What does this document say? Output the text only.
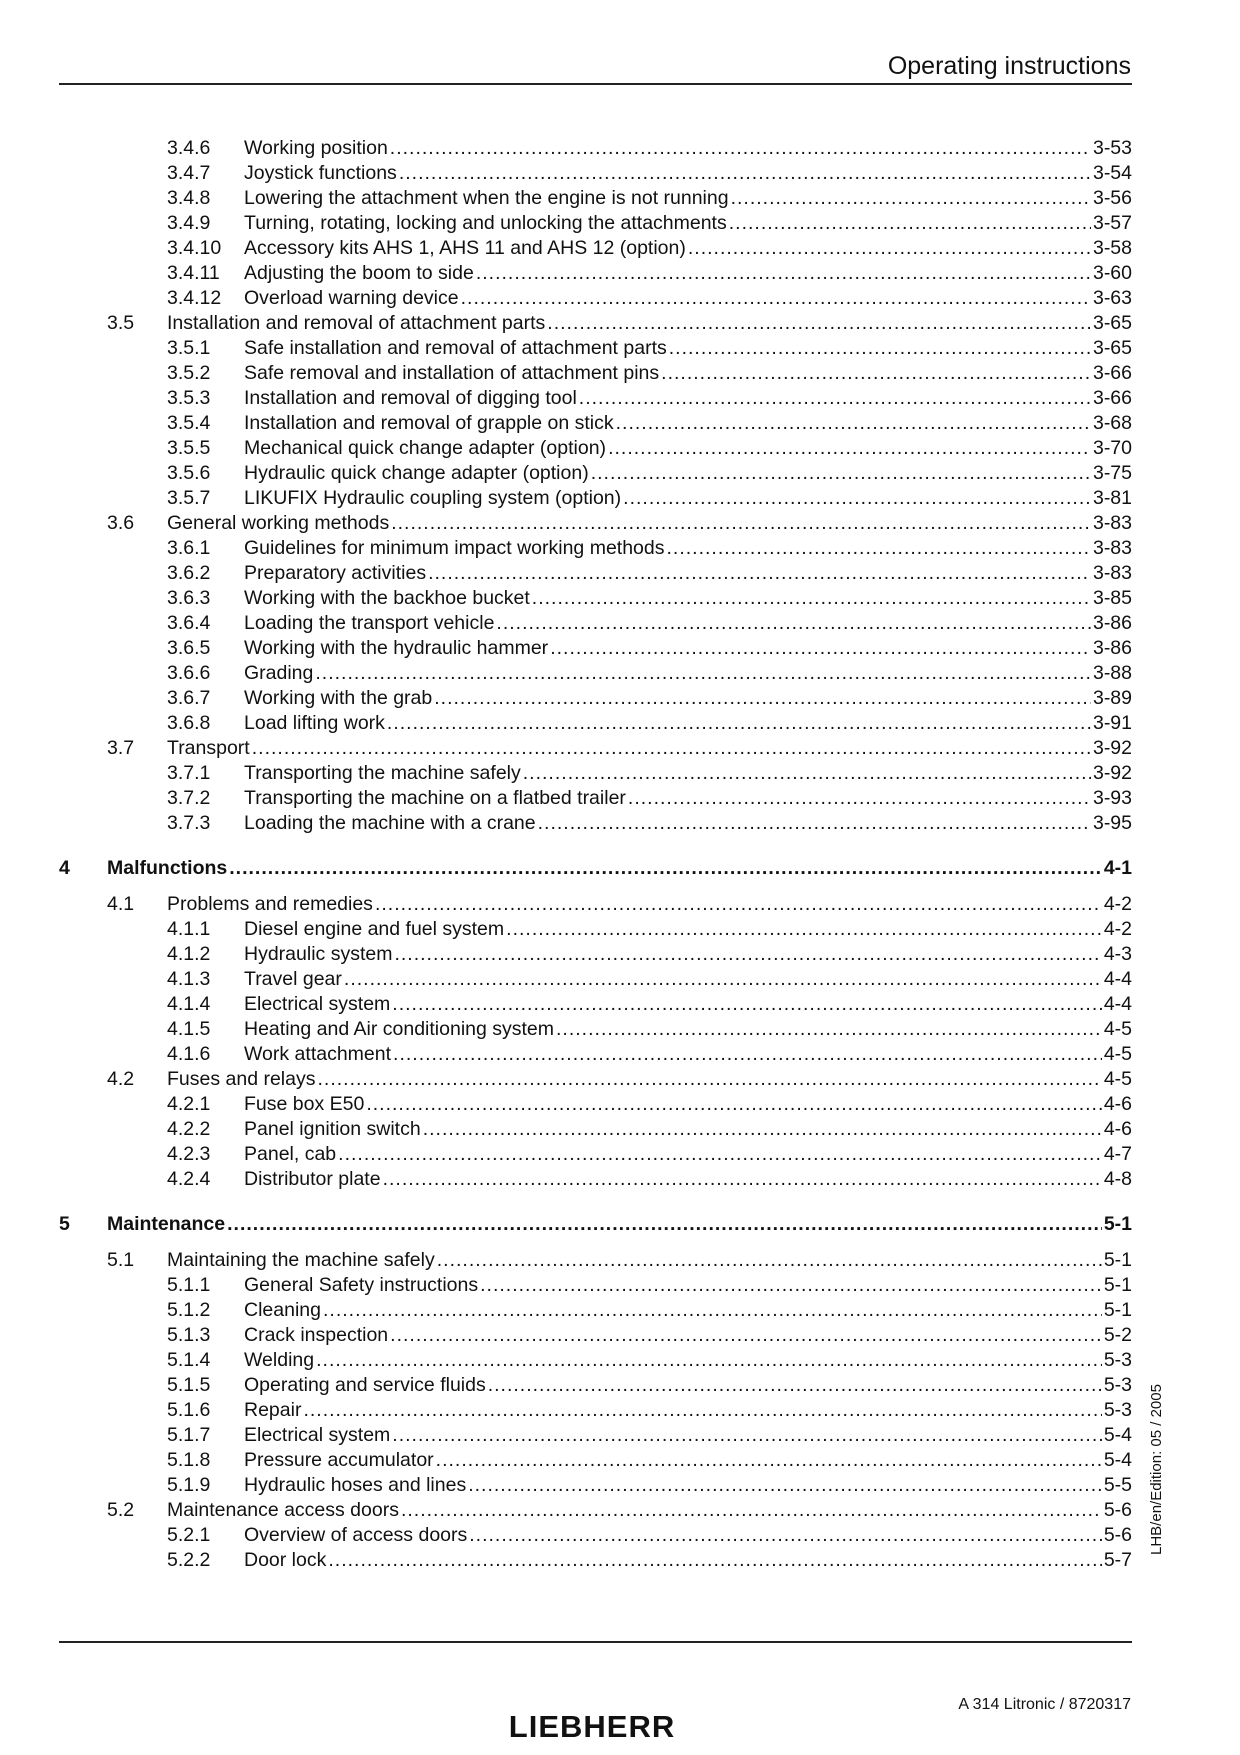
Operating instructions
3.4.6 Working position .....	3-53
3.4.7 Joystick functions .....	3-54
3.4.8 Lowering the attachment when the engine is not running .....	3-56
3.4.9 Turning, rotating, locking and unlocking the attachments .....	3-57
3.4.10 Accessory kits AHS 1, AHS 11 and AHS 12 (option) .....	3-58
3.4.11 Adjusting the boom to side .....	3-60
3.4.12 Overload warning device .....	3-63
3.5 Installation and removal of attachment parts .....	3-65
3.5.1 Safe installation and removal of attachment parts .....	3-65
3.5.2 Safe removal and installation of attachment pins .....	3-66
3.5.3 Installation and removal of digging tool .....	3-66
3.5.4 Installation and removal of grapple on stick .....	3-68
3.5.5 Mechanical quick change adapter (option) .....	3-70
3.5.6 Hydraulic quick change adapter (option) .....	3-75
3.5.7 LIKUFIX Hydraulic coupling system (option) .....	3-81
3.6 General working methods .....	3-83
3.6.1 Guidelines for minimum impact working methods .....	3-83
3.6.2 Preparatory activities .....	3-83
3.6.3 Working with the backhoe bucket .....	3-85
3.6.4 Loading the transport vehicle .....	3-86
3.6.5 Working with the hydraulic hammer .....	3-86
3.6.6 Grading .....	3-88
3.6.7 Working with the grab .....	3-89
3.6.8 Load lifting work .....	3-91
3.7 Transport .....	3-92
3.7.1 Transporting the machine safely .....	3-92
3.7.2 Transporting the machine on a flatbed trailer .....	3-93
3.7.3 Loading the machine with a crane .....	3-95
4 Malfunctions .....	4-1
4.1 Problems and remedies .....	4-2
4.1.1 Diesel engine and fuel system .....	4-2
4.1.2 Hydraulic system .....	4-3
4.1.3 Travel gear .....	4-4
4.1.4 Electrical system .....	4-4
4.1.5 Heating and Air conditioning system .....	4-5
4.1.6 Work attachment .....	4-5
4.2 Fuses and relays .....	4-5
4.2.1 Fuse box E50 .....	4-6
4.2.2 Panel ignition switch .....	4-6
4.2.3 Panel, cab .....	4-7
4.2.4 Distributor plate .....	4-8
5 Maintenance .....	5-1
5.1 Maintaining the machine safely .....	5-1
5.1.1 General Safety instructions .....	5-1
5.1.2 Cleaning .....	5-1
5.1.3 Crack inspection .....	5-2
5.1.4 Welding .....	5-3
5.1.5 Operating and service fluids .....	5-3
5.1.6 Repair .....	5-3
5.1.7 Electrical system .....	5-4
5.1.8 Pressure accumulator .....	5-4
5.1.9 Hydraulic hoses and lines .....	5-5
5.2 Maintenance access doors .....	5-6
5.2.1 Overview of access doors .....	5-6
5.2.2 Door lock .....	5-7
LHB/en/Edition: 05 / 2005
A 314 Litronic / 8720317
LIEBHERR
